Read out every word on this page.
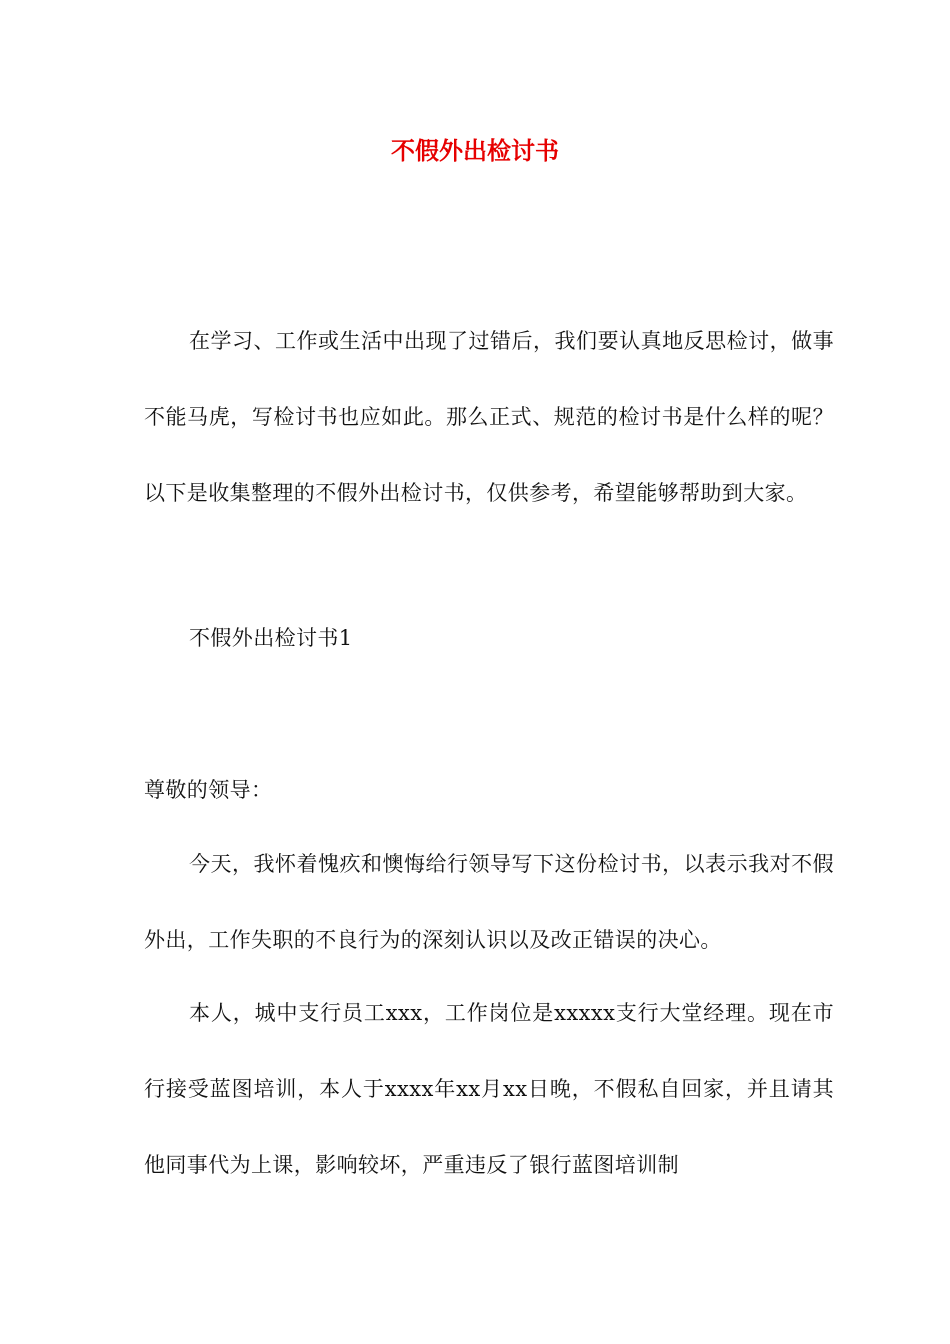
不假外出检讨书

在学习、工作或生活中出现了过错后，我们要认真地反思检讨，做事不能马虎，写检讨书也应如此。那么正式、规范的检讨书是什么样的呢？以下是收集整理的不假外出检讨书，仅供参考，希望能够帮助到大家。

不假外出检讨书1

尊敬的领导：

今天，我怀着愧疚和懊悔给行领导写下这份检讨书，以表示我对不假外出，工作失职的不良行为的深刻认识以及改正错误的决心。

本人，城中支行员工xxx，工作岗位是xxxxx支行大堂经理。现在市行接受蓝图培训，本人于xxxx年xx月xx日晚，不假私自回家，并且请其他同事代为上课，影响较坏，严重违反了银行蓝图培训制
